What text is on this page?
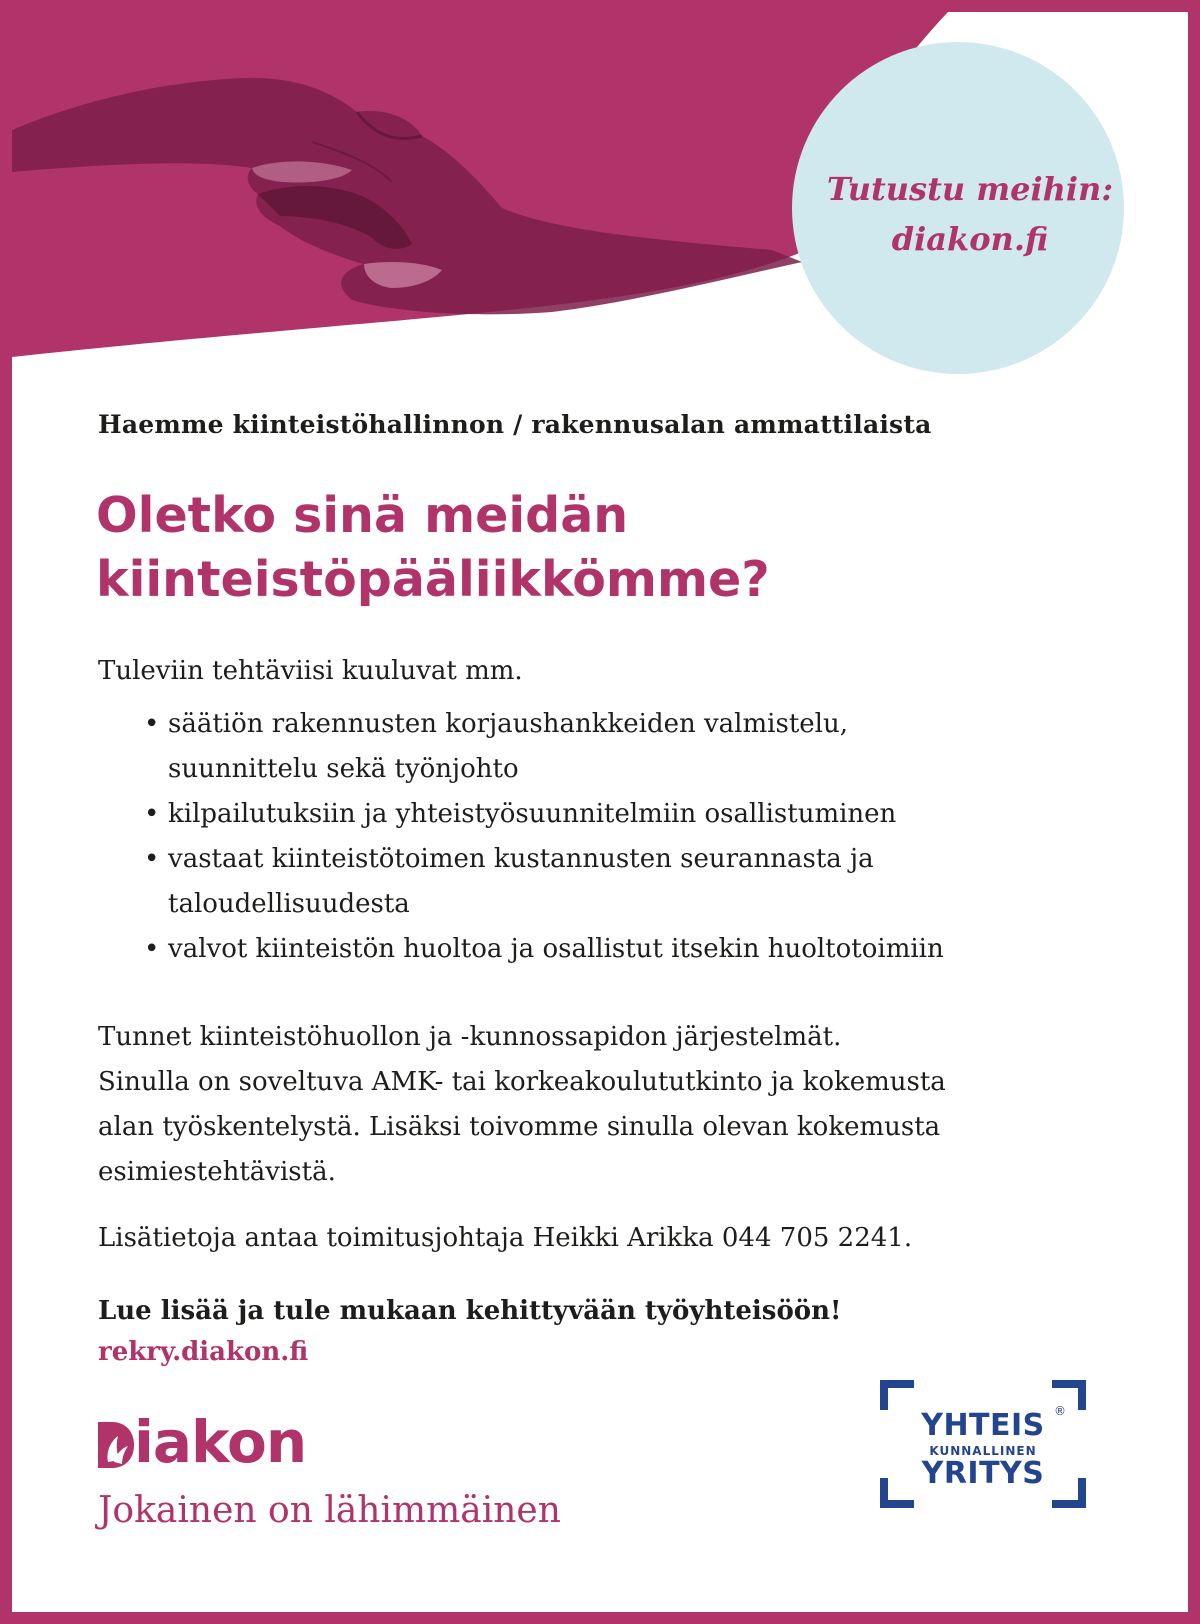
Tutustu meihin:
diakon.fi
Haemme kiinteistöhallinnon / rakennusalan ammattilaista
Oletko sinä meidän
kiinteistöpääliikkömme?
Tuleviin tehtäviisi kuuluvat mm.
• säätiön rakennusten korjaushankkeiden valmistelu,
suunnittelu sekä työnjohto
• kilpailutuksiin ja yhteistyösuunnitelmiin osallistuminen
• vastaat kiinteistötoimen kustannusten seurannasta ja
taloudellisuudesta
• valvot kiinteistön huoltoa ja osallistut itsekin huoltotoimiin
Tunnet kiinteistöhuollon ja -kunnossapidon järjestelmät.
Sinulla on soveltuva AMK- tai korkeakoulututkinto ja kokemusta
alan työskentelystä. Lisäksi toivomme sinulla olevan kokemusta
esimiestehtävistä.
Lisätietoja antaa toimitusjohtaja Heikki Arikka 044 705 2241.
Lue lisää ja tule mukaan kehittyvään työyhteisöön!
rekry.diakon.fi
iakon
Jokainen on lähimmäinen
YHTEIS
KUNNALLINEN
YRITYS
®
